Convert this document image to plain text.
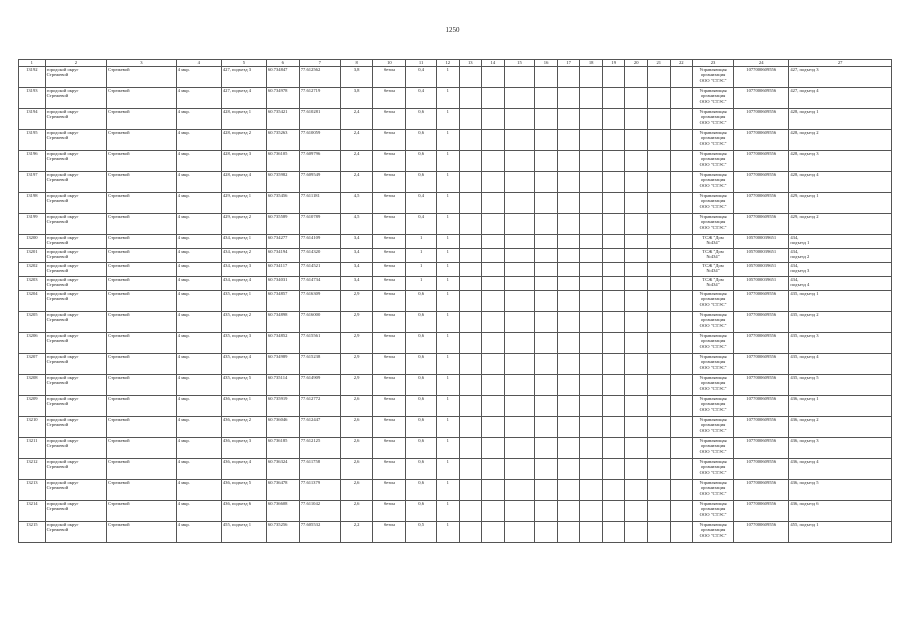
1250
1	2	3	4	5	6	7	8	10	11	12	13	14	15	16	17	18	19	20	21	22	23	24	27
13192	городской округ
Стрежевой	Стрежевой	4 мкр.	427, подъезд 3	60.734847	77.612562	3,8	бетон	0,4	1											Управляющая
организация
ООО "СТЭС"	1077000609556	427, подъезд 3
13193	городской округ
Стрежевой	Стрежевой	4 мкр.	427, подъезд 4	60.734978	77.612719	3,8	бетон	0,4	1											Управляющая
организация
ООО "СТЭС"	1077000609556	427, подъезд 4
13194	городской округ
Стрежевой	Стрежевой	4 мкр.	428, подъезд 1	60.735421	77.610281	2,4	бетон	0,6	1											Управляющая
организация
ООО "СТЭС"	1077000609556	428, подъезд 1
13195	городской округ
Стрежевой	Стрежевой	4 мкр.	428, подъезд 2	60.735263	77.610059	2,4	бетон	0,6	1											Управляющая
организация
ООО "СТЭС"	1077000609556	428, подъезд 2
13196	городской округ
Стрежевой	Стрежевой	4 мкр.	428, подъезд 3	60.736105	77.609796	2,4	бетон	0,6	1											Управляющая
организация
ООО "СТЭС"	1077000609556	428, подъезд 3
13197	городской округ
Стрежевой	Стрежевой	4 мкр.	428, подъезд 4	60.735982	77.609549	2,4	бетон	0,6	1											Управляющая
организация
ООО "СТЭС"	1077000609556	428, подъезд 4
13198	городской округ
Стрежевой	Стрежевой	4 мкр.	429, подъезд 1	60.735456	77.611181	4,5	бетон	0,4	1											Управляющая
организация
ООО "СТЭС"	1077000609556	429, подъезд 1
13199	городской округ
Стрежевой	Стрежевой	4 мкр.	429, подъезд 2	60.735589	77.610789	4,5	бетон	0,4	1											Управляющая
организация
ООО "СТЭС"	1077000609556	429, подъезд 2
13200	городской округ
Стрежевой	Стрежевой	4 мкр.	434, подъезд 1	60.734277	77.614109	3,4	бетон	1	1											ТСЖ "Дом
№434"	1057000039651	434,
подъезд 1
13201	городской округ
Стрежевой	Стрежевой	4 мкр.	434, подъезд 2	60.734194	77.614320	3,4	бетон	1	1											ТСЖ "Дом
№434"	1057000039651	434,
подъезд 2
13202	городской округ
Стрежевой	Стрежевой	4 мкр.	434, подъезд 3	60.734117	77.614521	3,4	бетон	1	1											ТСЖ "Дом
№434"	1057000039651	434,
подъезд 3
13203	городской округ
Стрежевой	Стрежевой	4 мкр.	434, подъезд 4	60.734031	77.614734	3,4	бетон	1	1											ТСЖ "Дом
№434"	1057000039651	434,
подъезд 4
13204	городской округ
Стрежевой	Стрежевой	4 мкр.	435, подъезд 1	60.734857	77.616309	2,9	бетон	0,6	1											Управляющая
организация
ООО "СТЭС"	1077000609556	435, подъезд 1
13205	городской округ
Стрежевой	Стрежевой	4 мкр.	435, подъезд 2	60.734898	77.616000	2,9	бетон	0,6	1											Управляющая
организация
ООО "СТЭС"	1077000609556	435, подъезд 2
13206	городской округ
Стрежевой	Стрежевой	4 мкр.	435, подъезд 3	60.734852	77.615561	2,9	бетон	0,6	1											Управляющая
организация
ООО "СТЭС"	1077000609556	435, подъезд 3
13207	городской округ
Стрежевой	Стрежевой	4 мкр.	435, подъезд 4	60.734989	77.615238	2,9	бетон	0,6	1											Управляющая
организация
ООО "СТЭС"	1077000609556	435, подъезд 4
13208	городской округ
Стрежевой	Стрежевой	4 мкр.	435, подъезд 5	60.735114	77.614909	2,9	бетон	0,6	1											Управляющая
организация
ООО "СТЭС"	1077000609556	435, подъезд 5
13209	городской округ
Стрежевой	Стрежевой	4 мкр.	436, подъезд 1	60.735919	77.612772	2,6	бетон	0,6	1											Управляющая
организация
ООО "СТЭС"	1077000609556	436, подъезд 1
13210	городской округ
Стрежевой	Стрежевой	4 мкр.	436, подъезд 2	60.736046	77.612447	2,6	бетон	0,6	1											Управляющая
организация
ООО "СТЭС"	1077000609556	436, подъезд 2
13211	городской округ
Стрежевой	Стрежевой	4 мкр.	436, подъезд 3	60.736185	77.612125	2,6	бетон	0,6	1											Управляющая
организация
ООО "СТЭС"	1077000609556	436, подъезд 3
13212	городской округ
Стрежевой	Стрежевой	4 мкр.	436, подъезд 4	60.736324	77.611758	2,6	бетон	0,6	1											Управляющая
организация
ООО "СТЭС"	1077000609556	436, подъезд 4
13213	городской округ
Стрежевой	Стрежевой	4 мкр.	436, подъезд 5	60.736478	77.611379	2,6	бетон	0,6	1											Управляющая
организация
ООО "СТЭС"	1077000609556	436, подъезд 5
13214	городской округ
Стрежевой	Стрежевой	4 мкр.	436, подъезд 6	60.736608	77.611042	2,6	бетон	0,6	1											Управляющая
организация
ООО "СТЭС"	1077000609556	436, подъезд 6
13215	городской округ
Стрежевой	Стрежевой	4 мкр.	455, подъезд 1	60.735256	77.605532	2,2	бетон	0,5	1											Управляющая
организация
ООО "СТЭС"	1077000609556	455, подъезд 1
